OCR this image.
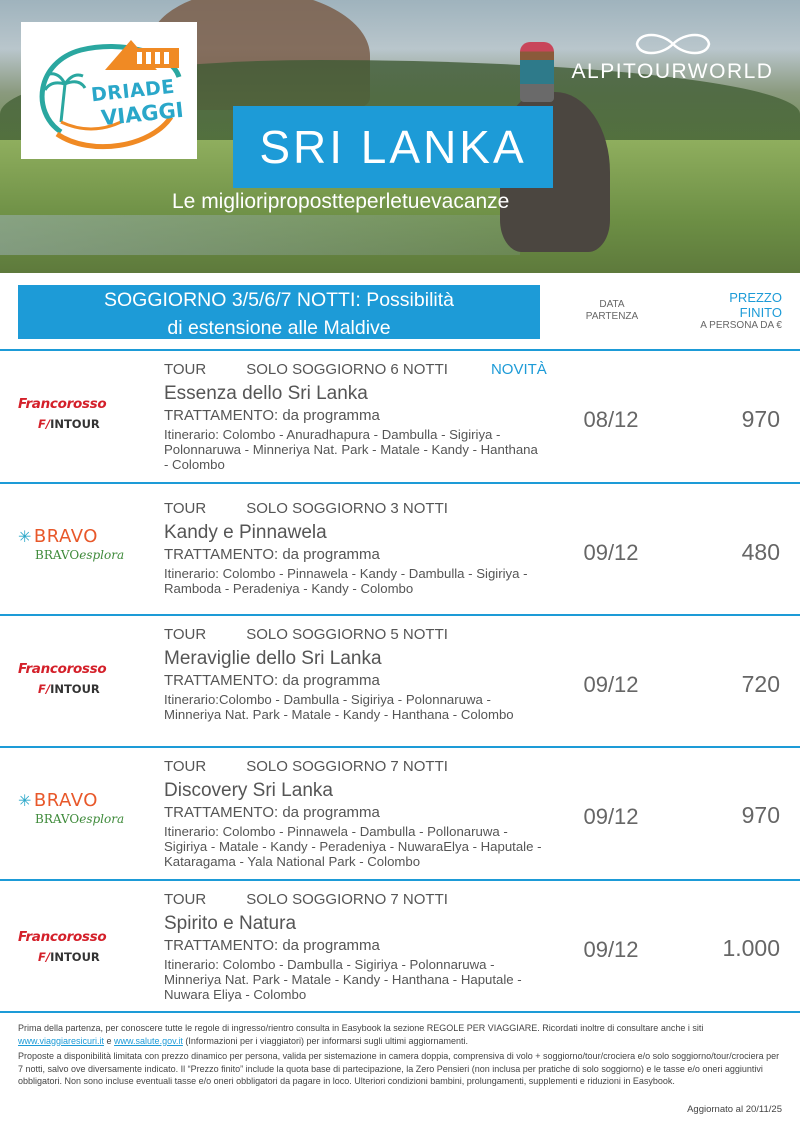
DRIADE
VIAGGI
ALPITOURWORLD
SRI LANKA
Le miglioripropostteperletuevacanze
SOGGIORNO 3/5/6/7 NOTTI: Possibilità
di estensione alle Maldive
DATA
PARTENZA
PREZZO
FINITO
A PERSONA DA €
Francorosso
F/INTOUR
TOUR	SOLO SOGGIORNO 6 NOTTI	NOVITÀ
Essenza dello Sri Lanka
TRATTAMENTO: da programma
Itinerario: Colombo - Anuradhapura - Dambulla - Sigiriya - Polonnaruwa - Minneriya Nat. Park - Matale - Kandy - Hanthana - Colombo
08/12	970
✳ BRAVO
BRAVOesplora
TOUR	SOLO SOGGIORNO 3 NOTTI
Kandy e Pinnawela
TRATTAMENTO: da programma
Itinerario: Colombo - Pinnawela - Kandy - Dambulla - Sigiriya - Ramboda - Peradeniya - Kandy - Colombo
09/12	480
Francorosso
F/INTOUR
TOUR	SOLO SOGGIORNO 5 NOTTI
Meraviglie dello Sri Lanka
TRATTAMENTO: da programma
Itinerario:Colombo - Dambulla - Sigiriya - Polonnaruwa - Minneriya Nat. Park - Matale - Kandy - Hanthana - Colombo
09/12	720
✳ BRAVO
BRAVOesplora
TOUR	SOLO SOGGIORNO 7 NOTTI
Discovery Sri Lanka
TRATTAMENTO: da programma
Itinerario: Colombo - Pinnawela - Dambulla - Pollonaruwa - Sigiriya - Matale - Kandy - Peradeniya - NuwaraElya - Haputale - Kataragama - Yala National Park - Colombo
09/12	970
Francorosso
F/INTOUR
TOUR	SOLO SOGGIORNO 7 NOTTI
Spirito e Natura
TRATTAMENTO: da programma
Itinerario: Colombo - Dambulla - Sigiriya - Polonnaruwa - Minneriya Nat. Park - Matale - Kandy - Hanthana - Haputale - Nuwara Eliya - Colombo
09/12	1.000
Prima della partenza, per conoscere tutte le regole di ingresso/rientro consulta in Easybook la sezione REGOLE PER VIAGGIARE. Ricordati inoltre di consultare anche i siti www.viaggiaresicuri.it e www.salute.gov.it (Informazioni per i viaggiatori) per informarsi sugli ultimi aggiornamenti.
Proposte a disponibilità limitata con prezzo dinamico per persona, valida per sistemazione in camera doppia, comprensiva di volo + soggiorno/tour/crociera e/o solo soggiorno/tour/crociera per 7 notti, salvo ove diversamente indicato. Il “Prezzo finito” include la quota base di partecipazione, la Zero Pensieri (non inclusa per pratiche di solo soggiorno) e le tasse e/o oneri aggiuntivi obbligatori. Non sono incluse eventuali tasse e/o oneri obbligatori da pagare in loco. Ulteriori condizioni bambini, prolungamenti, supplementi e riduzioni in Easybook.
Aggiornato al 20/11/25
